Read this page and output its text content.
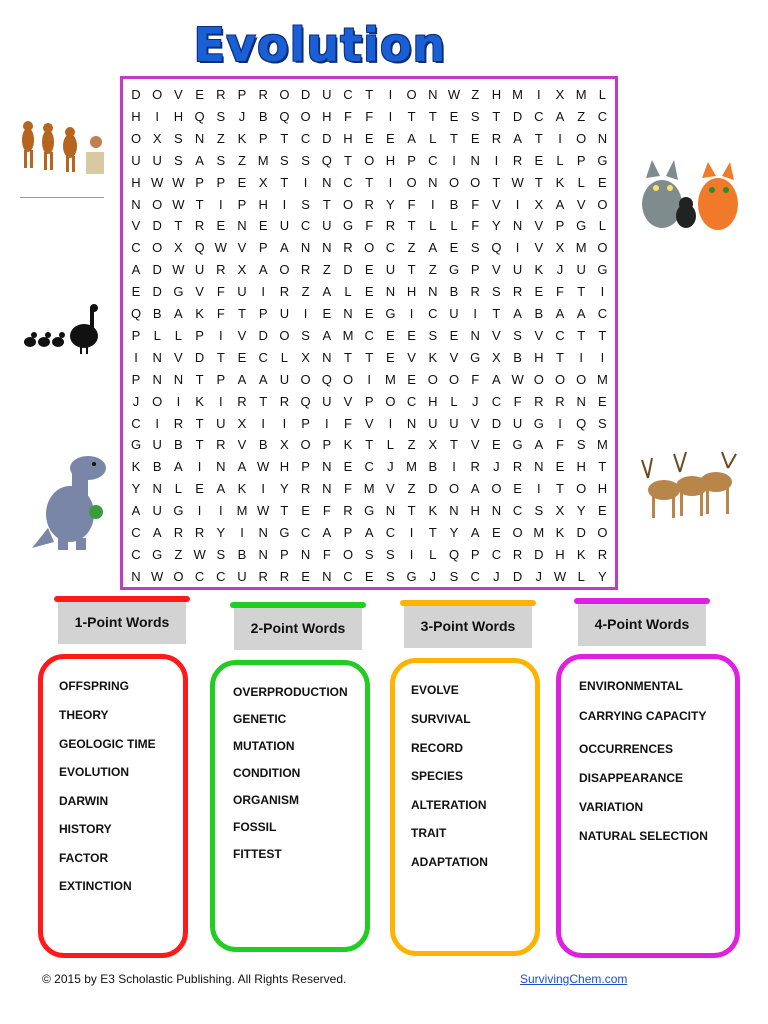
Evolution
D O V E R P R O D U C T	I	O N W Z H M	I	X M L
H	I	H Q S	J	B Q O H F	F	I	T	T E S T D C A Z C
O X S N Z K P T C D H E E A	L	T E R A T	I	O N
U U S A S Z M S S Q T O H P C	I	N	I	R E	L	P G
H W W P P E X T	I	N C T	I	O N O O T W T K	L	E
N O W T	I	P H	I	S T O R Y F	I	B F V	I	X A V O
V D T R E N E U C U G F R T	L	L	F Y N V P G L
C O X Q W V P A N N R O C Z A E S Q	I	V X M O
A D W U R X A O R Z D E U T	Z G P V U K	J	U G
E D G V F U	I	R Z A	L	E N H N B R S R E F	T	I
Q B A K F	T P U	I	E N E G	I	C U	I	T A B A A C
P	L	L	P	I	V D O S A M C E E S E N V S V C T	T
I	N V D T E C L	X N T	T E V K V G X B H T	I	I
P N N T P A A U O Q O	I	M E O O F A W O O O M
J O	I	K	I	R T R Q U V P O C H L	J	C F R R N E
C	I	R T U X	I	I	P	I	F V	I	N U U V D U G	I	Q S
G U B T R V B X O P K T	L	Z X T V E G A F S M
K B A	I	N A W H P N E C	J M B	I	R	J	R N E H T
Y N L	E A K	I	Y R N F M V Z D O A O E	I	T O H
A U G	I	I	M W T E F R G N T K N H N C S X Y E
C A R R Y	I	N G C A P A C	I	T Y A E O M K D O
C G Z W S B N P N F O S S	I	L Q P C R D H K R
N W O C C U R R E N C E S G J	S C	J	D	J W L	Y
1-Point Words	2-Point Words	3-Point Words	4-Point Words
OFFSPRING
THEORY
GEOLOGIC TIME
EVOLUTION
DARWIN
HISTORY
FACTOR
EXTINCTION
OVERPRODUCTION
GENETIC
MUTATION
CONDITION
ORGANISM
FOSSIL
FITTEST
EVOLVE
SURVIVAL
RECORD
SPECIES
ALTERATION
TRAIT
ADAPTATION
ENVIRONMENTAL
CARRYING CAPACITY
OCCURRENCES
DISAPPEARANCE
VARIATION
NATURAL SELECTION
© 2015 by E3 Scholastic Publishing. All Rights Reserved.	SurvivingChem.com
